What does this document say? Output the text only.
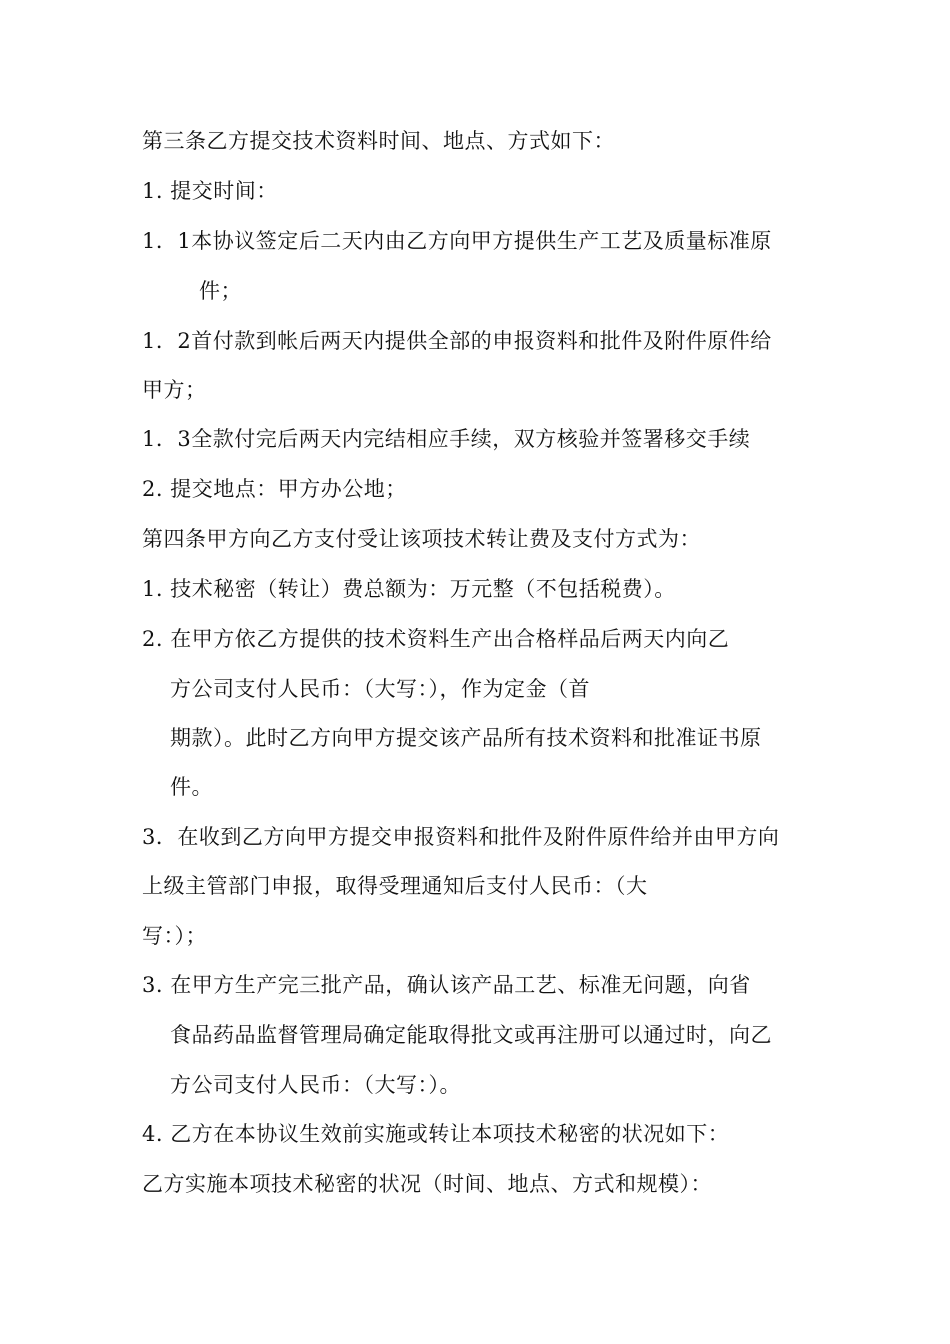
第三条乙方提交技术资料时间、地点、方式如下：
1. 提交时间：
1．1本协议签定后二天内由乙方向甲方提供生产工艺及质量标准原
件；
1．2首付款到帐后两天内提供全部的申报资料和批件及附件原件给
甲方；
1．3全款付完后两天内完结相应手续，双方核验并签署移交手续
2. 提交地点：甲方办公地；
第四条甲方向乙方支付受让该项技术转让费及支付方式为：
1. 技术秘密（转让）费总额为：万元整（不包括税费）。
2. 在甲方依乙方提供的技术资料生产出合格样品后两天内向乙
方公司支付人民币：（大写：），作为定金（首
期款）。此时乙方向甲方提交该产品所有技术资料和批准证书原
件。
3．在收到乙方向甲方提交申报资料和批件及附件原件给并由甲方向
上级主管部门申报，取得受理通知后支付人民币：（大
写：）；
3. 在甲方生产完三批产品，确认该产品工艺、标准无问题，向省
食品药品监督管理局确定能取得批文或再注册可以通过时，向乙
方公司支付人民币：（大写：）。
4. 乙方在本协议生效前实施或转让本项技术秘密的状况如下：
乙方实施本项技术秘密的状况（时间、地点、方式和规模）：
